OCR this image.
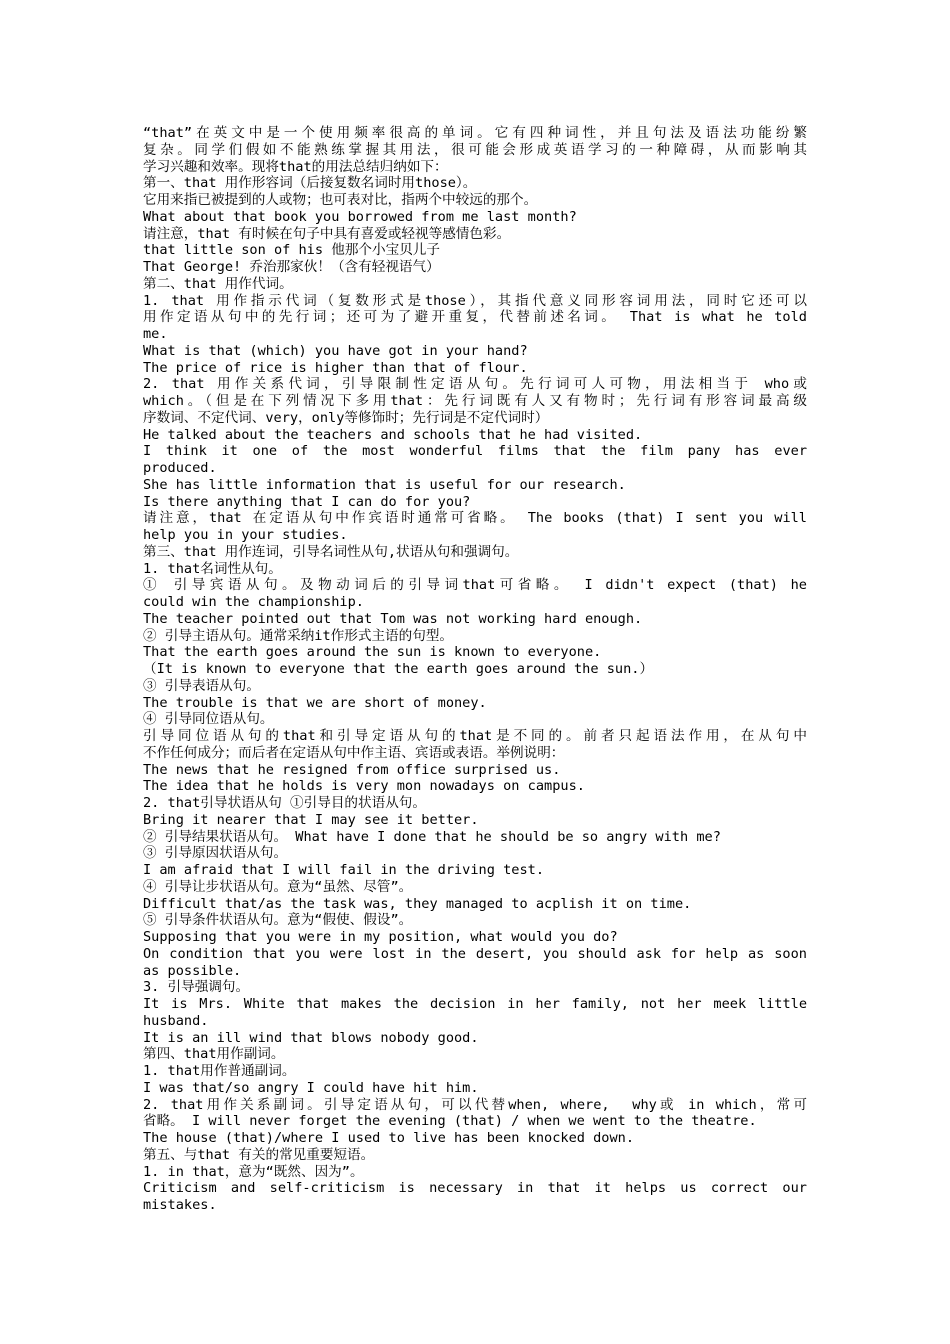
“that”在英文中是一个使用频率很高的单词。它有四种词性，并且句法及语法功能纷繁
复杂。同学们假如不能熟练掌握其用法，很可能会形成英语学习的一种障碍，从而影响其
学习兴趣和效率。现将that的用法总结归纳如下：
第一、that 用作形容词（后接复数名词时用those）。
它用来指已被提到的人或物；也可表对比，指两个中较远的那个。
What about that book you borrowed from me last month?
请注意，that 有时候在句子中具有喜爱或轻视等感情色彩。
that little son of his 他那个小宝贝儿子
That George! 乔治那家伙！（含有轻视语气）
第二、that 用作代词。
1. that 用作指示代词（复数形式是those），其指代意义同形容词用法，同时它还可以
用作定语从句中的先行词；还可为了避开重复，代替前述名词。 That is what he told
me.
What is that (which) you have got in your hand?
The price of rice is higher than that of flour.
2. that 用作关系代词，引导限制性定语从句。先行词可人可物，用法相当于 who或
which。（但是在下列情况下多用that：先行词既有人又有物时；先行词有形容词最高级
序数词、不定代词、very，only等修饰时；先行词是不定代词时）
He talked about the teachers and schools that he had visited.
I think it one of the most wonderful films that the film pany has ever
produced.
She has little information that is useful for our research.
Is there anything that I can do for you?
请注意，that 在定语从句中作宾语时通常可省略。 The books (that) I sent you will
help you in your studies.
第三、that 用作连词，引导名词性从句,状语从句和强调句。
1. that名词性从句。
① 引导宾语从句。及物动词后的引导词that可省略。 I didn't expect (that) he
could win the championship.
The teacher pointed out that Tom was not working hard enough.
② 引导主语从句。通常采纳it作形式主语的句型。
That the earth goes around the sun is known to everyone.
（It is known to everyone that the earth goes around the sun.）
③ 引导表语从句。
The trouble is that we are short of money.
④ 引导同位语从句。
引导同位语从句的that和引导定语从句的that是不同的。前者只起语法作用，在从句中
不作任何成分；而后者在定语从句中作主语、宾语或表语。举例说明：
The news that he resigned from office surprised us.
The idea that he holds is very mon nowadays on campus.
2. that引导状语从句 ①引导目的状语从句。
Bring it nearer that I may see it better.
② 引导结果状语从句。 What have I done that he should be so angry with me?
③ 引导原因状语从句。
I am afraid that I will fail in the driving test.
④ 引导让步状语从句。意为“虽然、尽管”。
Difficult that/as the task was, they managed to acplish it on time.
⑤ 引导条件状语从句。意为“假使、假设”。
Supposing that you were in my position, what would you do?
On condition that you were lost in the desert, you should ask for help as soon
as possible.
3. 引导强调句。
It is Mrs. White that makes the decision in her family, not her meek little
husband.
It is an ill wind that blows nobody good.
第四、that用作副词。
1. that用作普通副词。
I was that/so angry I could have hit him.
2. that用作关系副词。引导定语从句，可以代替when, where,  why或 in which，常可
省略。 I will never forget the evening (that) / when we went to the theatre.
The house (that)/where I used to live has been knocked down.
第五、与that 有关的常见重要短语。
1. in that，意为“既然、因为”。
Criticism and self-criticism is necessary in that it helps us correct our
mistakes.
